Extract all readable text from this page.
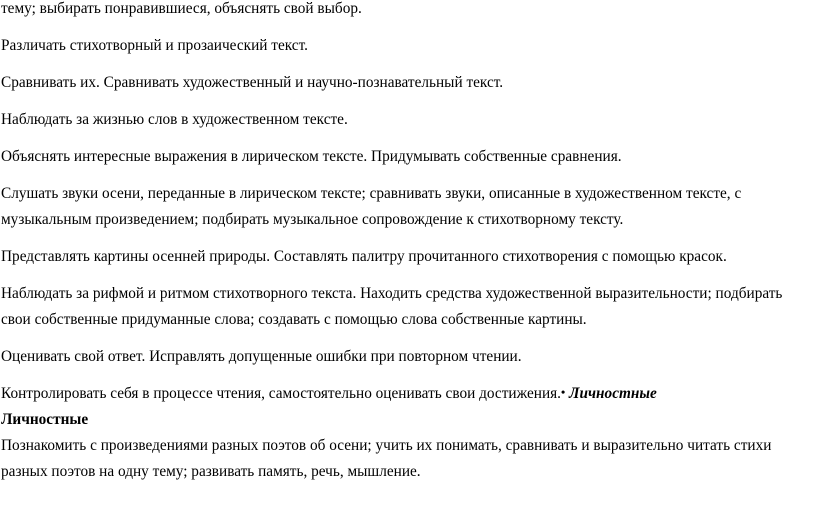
тему; выбирать понравившиеся, объяснять свой выбор.

Различать стихотворный и прозаический текст.

Сравнивать их. Сравнивать художественный и научно-познавательный текст.

Наблюдать за жизнью слов в художественном тексте.

Объяснять интересные выражения в лирическом тексте. Придумывать собственные сравнения.

Слушать звуки осени, переданные в лирическом тексте; сравнивать звуки, описанные в художественном тексте, с музыкальным произведением; подбирать музыкальное сопровождение к стихотворному тексту.

Представлять картины осенней природы. Составлять палитру прочитанного стихотворения с помощью красок.

Наблюдать за рифмой и ритмом стихотворного текста. Находить средства художественной выразительности; подбирать свои собственные придуманные слова; создавать с помощью слова собственные картины.

Оценивать свой ответ. Исправлять допущенные ошибки при повторном чтении.

Контролировать себя в процессе чтения, самостоятельно оценивать свои достижения.• Личностные

Личностные

Познакомить с произведениями разных поэтов об осени; учить их понимать, сравнивать и выразительно читать стихи разных поэтов на одну тему; развивать память, речь, мышление.
